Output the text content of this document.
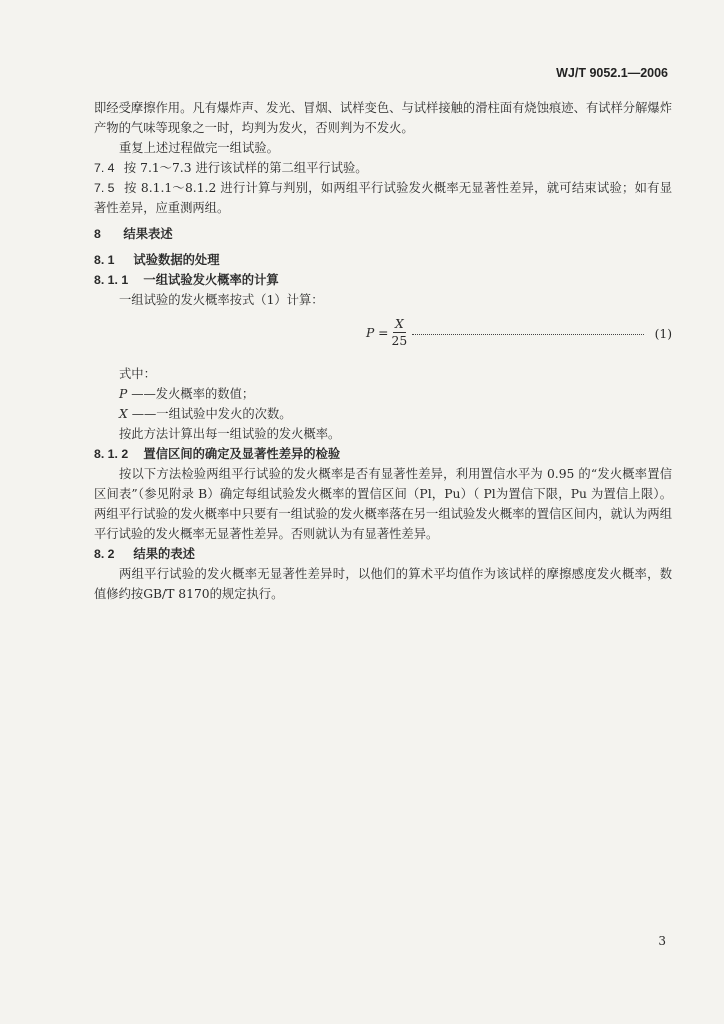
WJ/T 9052.1—2006

即经受摩擦作用。凡有爆炸声、发光、冒烟、试样变色、与试样接触的滑柱面有烧蚀痕迹、有试样分解爆炸产物的气味等现象之一时，均判为发火，否则判为不发火。

重复上述过程做完一组试验。

7. 4 按 7.1～7.3 进行该试样的第二组平行试验。

7. 5 按 8.1.1～8.1.2 进行计算与判别，如两组平行试验发火概率无显著性差异，就可结束试验；如有显著性差异，应重测两组。

8 结果表述

8. 1 试验数据的处理

8. 1. 1 一组试验发火概率的计算

一组试验的发火概率按式（1）计算：

$P = \frac{X}{25}$	(1)

式中：

P ——发火概率的数值；

X ——一组试验中发火的次数。

按此方法计算出每一组试验的发火概率。

8. 1. 2 置信区间的确定及显著性差异的检验

按以下方法检验两组平行试验的发火概率是否有显著性差异，利用置信水平为 0.95 的“发火概率置信区间表”（参见附录 B）确定每组试验发火概率的置信区间（Pl，Pu）（ Pl为置信下限，Pu 为置信上限）。两组平行试验的发火概率中只要有一组试验的发火概率落在另一组试验发火概率的置信区间内，就认为两组平行试验的发火概率无显著性差异。否则就认为有显著性差异。

8. 2 结果的表述

两组平行试验的发火概率无显著性差异时，以他们的算术平均值作为该试样的摩擦感度发火概率，数值修约按GB/T 8170的规定执行。

3
